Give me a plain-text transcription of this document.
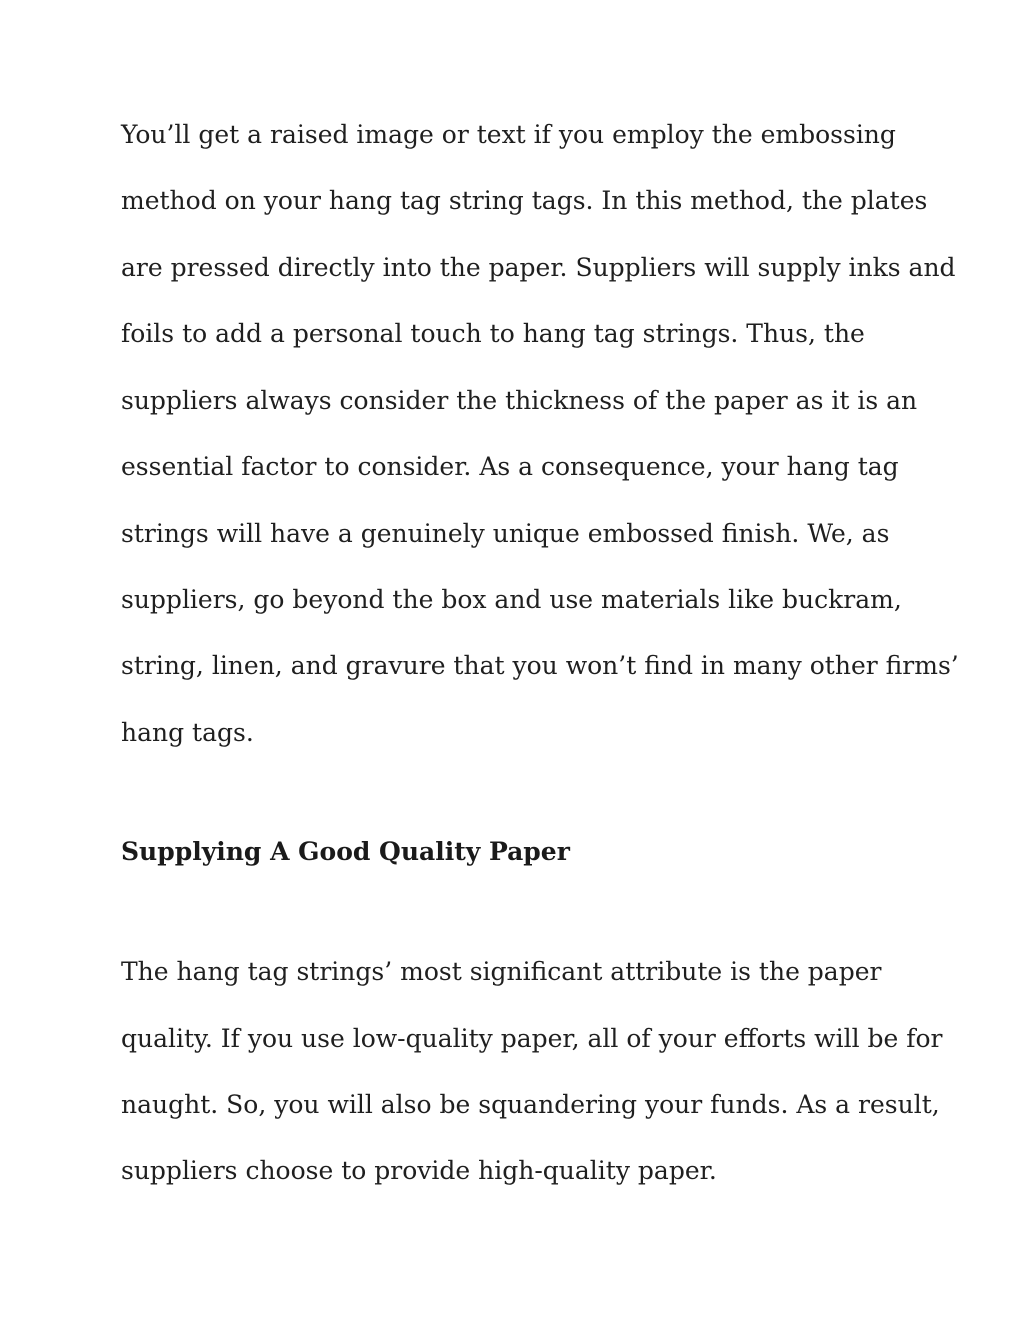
You’ll get a raised image or text if you employ the embossing
method on your hang tag string tags. In this method, the plates
are pressed directly into the paper. Suppliers will supply inks and
foils to add a personal touch to hang tag strings. Thus, the
suppliers always consider the thickness of the paper as it is an
essential factor to consider. As a consequence, your hang tag
strings will have a genuinely unique embossed finish. We, as
suppliers, go beyond the box and use materials like buckram,
string, linen, and gravure that you won’t find in many other firms’
hang tags.
Supplying A Good Quality Paper
The hang tag strings’ most significant attribute is the paper
quality. If you use low-quality paper, all of your efforts will be for
naught. So, you will also be squandering your funds. As a result,
suppliers choose to provide high-quality paper.
